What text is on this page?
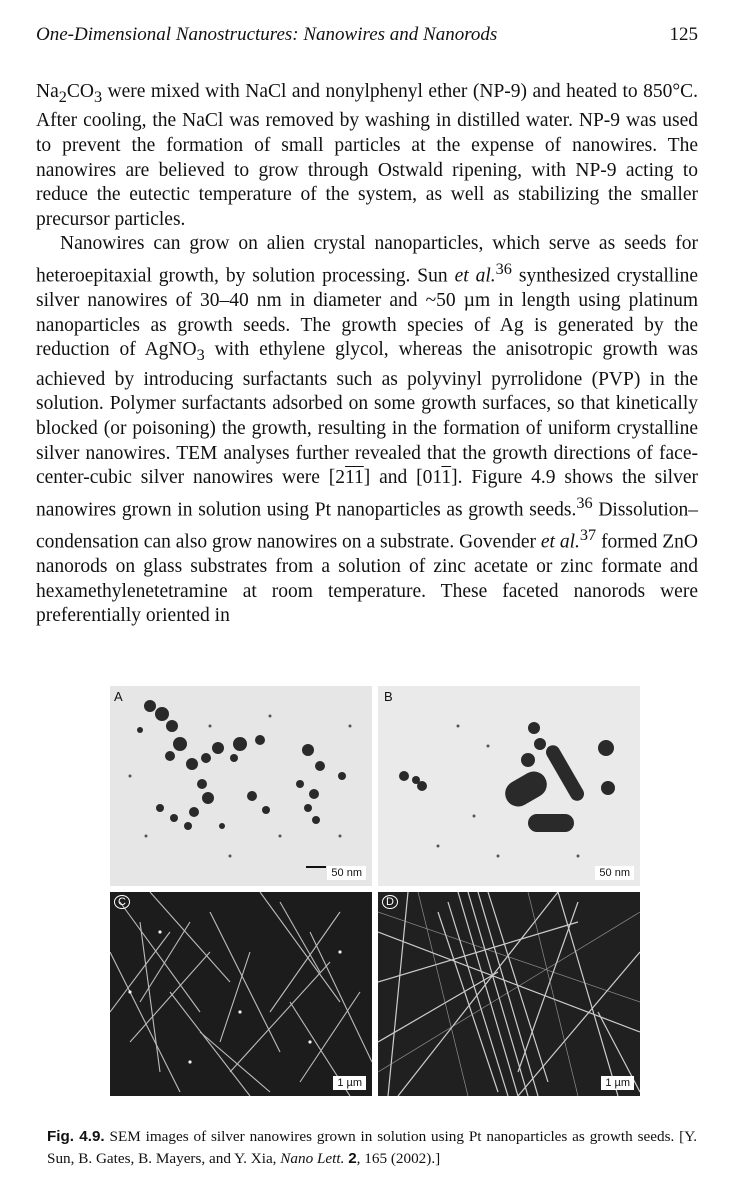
One-Dimensional Nanostructures: Nanowires and Nanorods	125

$Na_2CO_3$ were mixed with NaCl and nonylphenyl ether (NP-9) and heated to 850°C. After cooling, the NaCl was removed by washing in distilled water. NP-9 was used to prevent the formation of small particles at the expense of nanowires. The nanowires are believed to grow through Ostwald ripening, with NP-9 acting to reduce the eutectic temperature of the system, as well as stabilizing the smaller precursor particles.

Nanowires can grow on alien crystal nanoparticles, which serve as seeds for heteroepitaxial growth, by solution processing. Sun et al.$^{36}$ synthesized crystalline silver nanowires of 30–40 nm in diameter and ~50 µm in length using platinum nanoparticles as growth seeds. The growth species of Ag is generated by the reduction of AgNO$_3$ with ethylene glycol, whereas the anisotropic growth was achieved by introducing surfactants such as polyvinyl pyrrolidone (PVP) in the solution. Polymer surfactants adsorbed on some growth surfaces, so that kinetically blocked (or poisoning) the growth, resulting in the formation of uniform crystalline silver nanowires. TEM analyses further revealed that the growth directions of face-center-cubic silver nanowires were [211] and [011]. Figure 4.9 shows the silver nanowires grown in solution using Pt nanoparticles as growth seeds.$^{36}$ Dissolution–condensation can also grow nanowires on a substrate. Govender et al.$^{37}$ formed ZnO nanorods on glass substrates from a solution of zinc acetate or zinc formate and hexamethylenetetramine at room temperature. These faceted nanorods were preferentially oriented in

A
50 nm
B
50 nm
C
1 µm
D
1 µm
Fig. 4.9. SEM images of silver nanowires grown in solution using Pt nanoparticles as growth seeds. [Y. Sun, B. Gates, B. Mayers, and Y. Xia, Nano Lett. 2, 165 (2002).]
